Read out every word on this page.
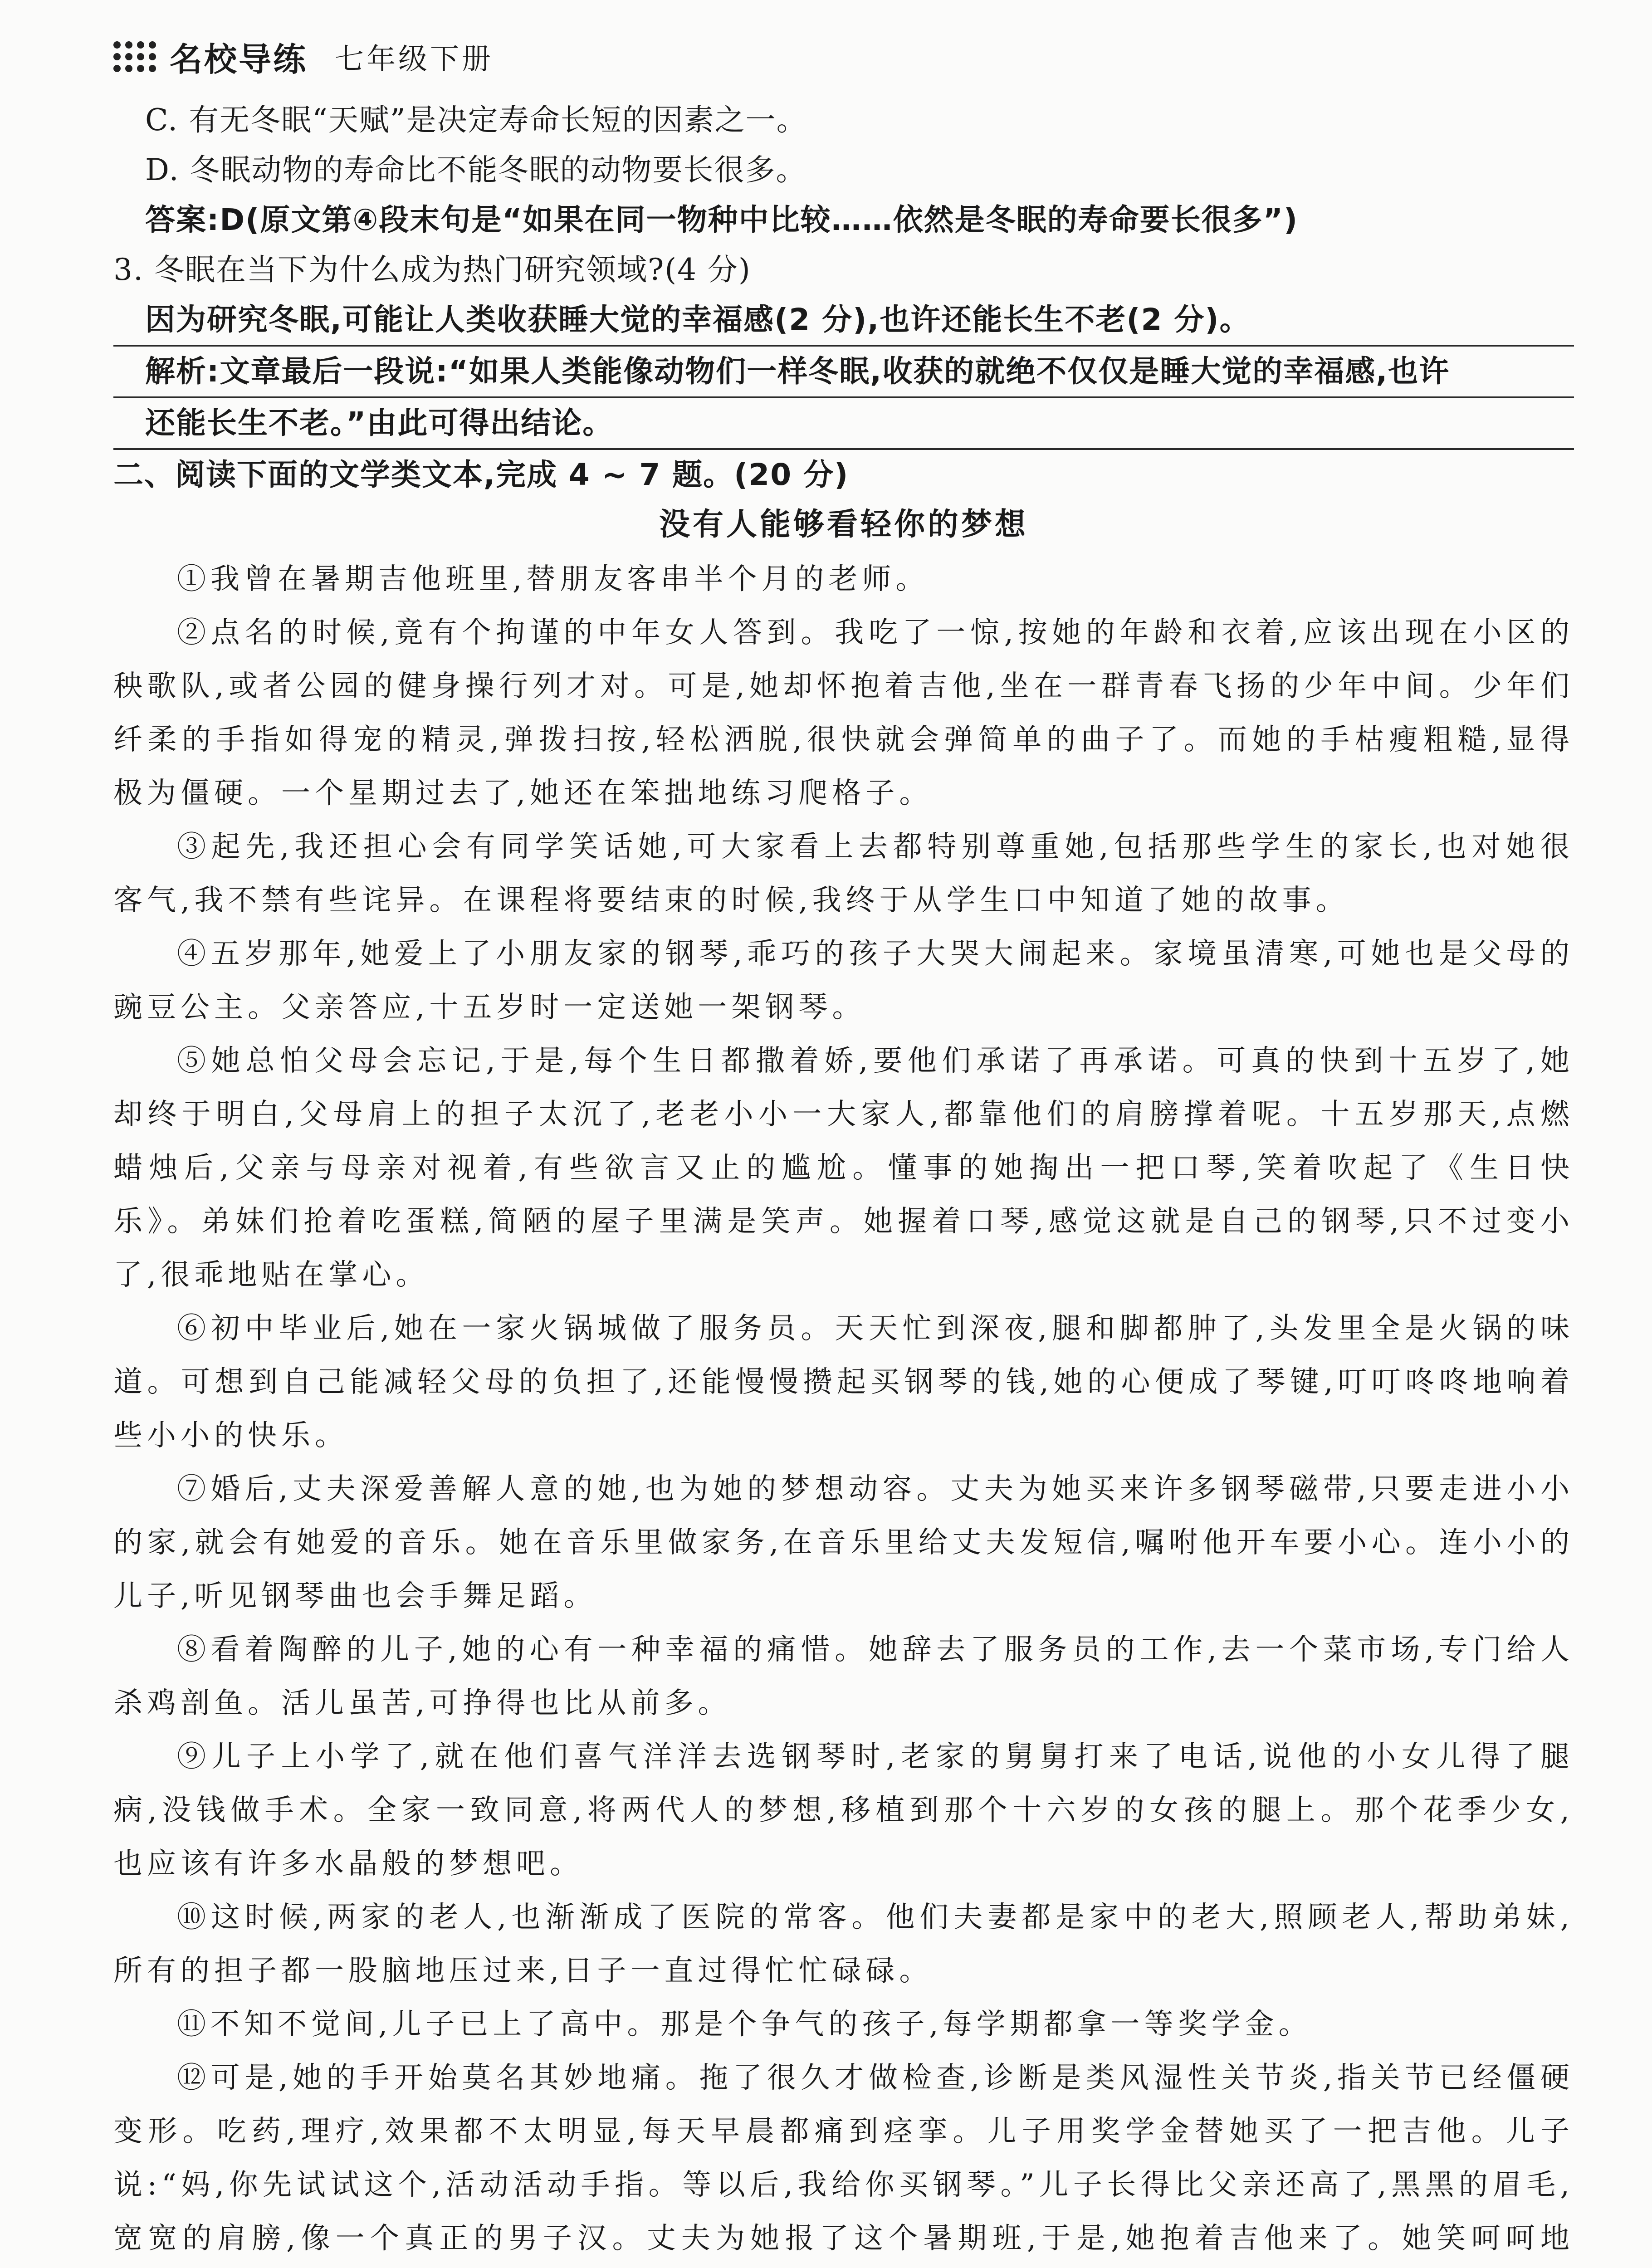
名校导练 七年级下册
C. 有无冬眠“天赋”是决定寿命长短的因素之一。
D. 冬眠动物的寿命比不能冬眠的动物要长很多。
答案:D(原文第④段末句是“如果在同一物种中比较……依然是冬眠的寿命要长很多”)
3. 冬眠在当下为什么成为热门研究领域?(4 分)
因为研究冬眠,可能让人类收获睡大觉的幸福感(2 分),也许还能长生不老(2 分)。
解析:文章最后一段说:“如果人类能像动物们一样冬眠,收获的就绝不仅仅是睡大觉的幸福感,也许
还能长生不老。”由此可得出结论。
二、阅读下面的文学类文本,完成 4 ~ 7 题。(20 分)
没有人能够看轻你的梦想

①我曾在暑期吉他班里,替朋友客串半个月的老师。

②点名的时候,竟有个拘谨的中年女人答到。我吃了一惊,按她的年龄和衣着,应该出现在小区的秧歌队,或者公园的健身操行列才对。可是,她却怀抱着吉他,坐在一群青春飞扬的少年中间。少年们纤柔的手指如得宠的精灵,弹拨扫按,轻松洒脱,很快就会弹简单的曲子了。而她的手枯瘦粗糙,显得极为僵硬。一个星期过去了,她还在笨拙地练习爬格子。

③起先,我还担心会有同学笑话她,可大家看上去都特别尊重她,包括那些学生的家长,也对她很客气,我不禁有些诧异。在课程将要结束的时候,我终于从学生口中知道了她的故事。

④五岁那年,她爱上了小朋友家的钢琴,乖巧的孩子大哭大闹起来。家境虽清寒,可她也是父母的豌豆公主。父亲答应,十五岁时一定送她一架钢琴。

⑤她总怕父母会忘记,于是,每个生日都撒着娇,要他们承诺了再承诺。可真的快到十五岁了,她却终于明白,父母肩上的担子太沉了,老老小小一大家人,都靠他们的肩膀撑着呢。十五岁那天,点燃蜡烛后,父亲与母亲对视着,有些欲言又止的尴尬。懂事的她掏出一把口琴,笑着吹起了《生日快乐》。弟妹们抢着吃蛋糕,简陋的屋子里满是笑声。她握着口琴,感觉这就是自己的钢琴,只不过变小了,很乖地贴在掌心。

⑥初中毕业后,她在一家火锅城做了服务员。天天忙到深夜,腿和脚都肿了,头发里全是火锅的味道。可想到自己能减轻父母的负担了,还能慢慢攒起买钢琴的钱,她的心便成了琴键,叮叮咚咚地响着些小小的快乐。

⑦婚后,丈夫深爱善解人意的她,也为她的梦想动容。丈夫为她买来许多钢琴磁带,只要走进小小的家,就会有她爱的音乐。她在音乐里做家务,在音乐里给丈夫发短信,嘱咐他开车要小心。连小小的儿子,听见钢琴曲也会手舞足蹈。

⑧看着陶醉的儿子,她的心有一种幸福的痛惜。她辞去了服务员的工作,去一个菜市场,专门给人杀鸡剖鱼。活儿虽苦,可挣得也比从前多。

⑨儿子上小学了,就在他们喜气洋洋去选钢琴时,老家的舅舅打来了电话,说他的小女儿得了腿病,没钱做手术。全家一致同意,将两代人的梦想,移植到那个十六岁的女孩的腿上。那个花季少女,也应该有许多水晶般的梦想吧。

⑩这时候,两家的老人,也渐渐成了医院的常客。他们夫妻都是家中的老大,照顾老人,帮助弟妹,所有的担子都一股脑地压过来,日子一直过得忙忙碌碌。

⑪不知不觉间,儿子已上了高中。那是个争气的孩子,每学期都拿一等奖学金。

⑫可是,她的手开始莫名其妙地痛。拖了很久才做检查,诊断是类风湿性关节炎,指关节已经僵硬变形。吃药,理疗,效果都不太明显,每天早晨都痛到痉挛。儿子用奖学金替她买了一把吉他。儿子说:“妈,你先试试这个,活动活动手指。等以后,我给你买钢琴。”儿子长得比父亲还高了,黑黑的眉毛,宽宽的肩膀,像一个真正的男子汉。丈夫为她报了这个暑期班,于是,她抱着吉他来了。她笑呵呵地
